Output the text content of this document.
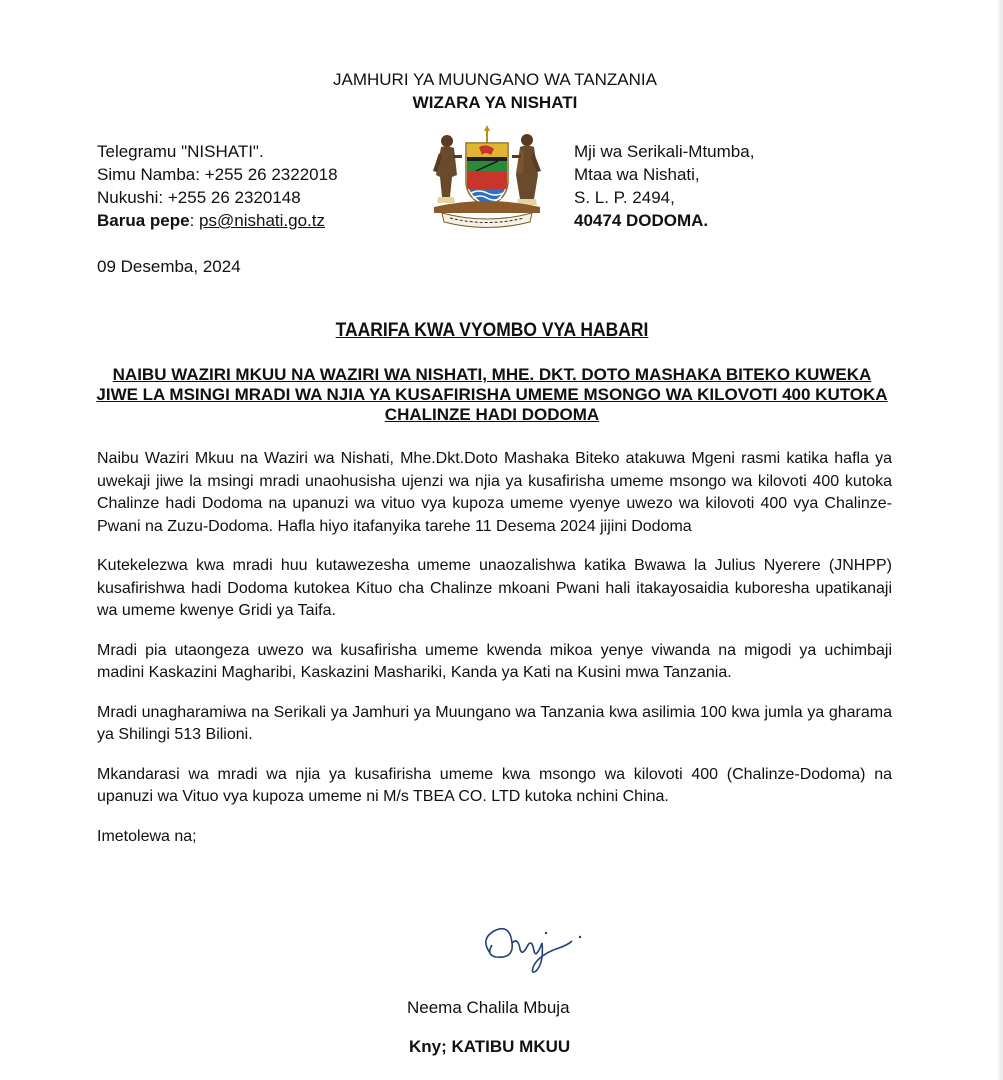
JAMHURI YA MUUNGANO WA TANZANIA
WIZARA YA NISHATI
Telegramu "NISHATI".
Simu Namba: +255 26 2322018
Nukushi: +255 26 2320148
Barua pepe: ps@nishati.go.tz
Mji wa Serikali-Mtumba,
Mtaa wa Nishati,
S. L. P. 2494,
40474 DODOMA.
09 Desemba, 2024
TAARIFA KWA VYOMBO VYA HABARI
NAIBU WAZIRI MKUU NA WAZIRI WA NISHATI, MHE. DKT. DOTO MASHAKA BITEKO KUWEKA JIWE LA MSINGI MRADI WA NJIA YA KUSAFIRISHA UMEME MSONGO WA KILOVOTI 400 KUTOKA CHALINZE HADI DODOMA

Naibu Waziri Mkuu na Waziri wa Nishati, Mhe.Dkt.Doto Mashaka Biteko atakuwa Mgeni rasmi katika hafla ya uwekaji jiwe la msingi mradi unaohusisha ujenzi wa njia ya kusafirisha umeme msongo wa kilovoti 400 kutoka Chalinze hadi Dodoma na upanuzi wa vituo vya kupoza umeme vyenye uwezo wa kilovoti 400 vya Chalinze-Pwani na Zuzu-Dodoma. Hafla hiyo itafanyika tarehe 11 Desema 2024 jijini Dodoma

Kutekelezwa kwa mradi huu kutawezesha umeme unaozalishwa katika Bwawa la Julius Nyerere (JNHPP) kusafirishwa hadi Dodoma kutokea Kituo cha Chalinze mkoani Pwani hali itakayosaidia kuboresha upatikanaji wa umeme kwenye Gridi ya Taifa.

Mradi pia utaongeza uwezo wa kusafirisha umeme kwenda mikoa yenye viwanda na migodi ya uchimbaji madini Kaskazini Magharibi, Kaskazini Mashariki, Kanda ya Kati na Kusini mwa Tanzania.

Mradi unagharamiwa na Serikali ya Jamhuri ya Muungano wa Tanzania kwa asilimia 100 kwa jumla ya gharama ya Shilingi 513 Bilioni.

Mkandarasi wa mradi wa njia ya kusafirisha umeme kwa msongo wa kilovoti 400 (Chalinze-Dodoma) na upanuzi wa Vituo vya kupoza umeme ni M/s TBEA CO. LTD kutoka nchini China.

Imetolewa na;

Neema Chalila Mbuja
Kny; KATIBU MKUU
